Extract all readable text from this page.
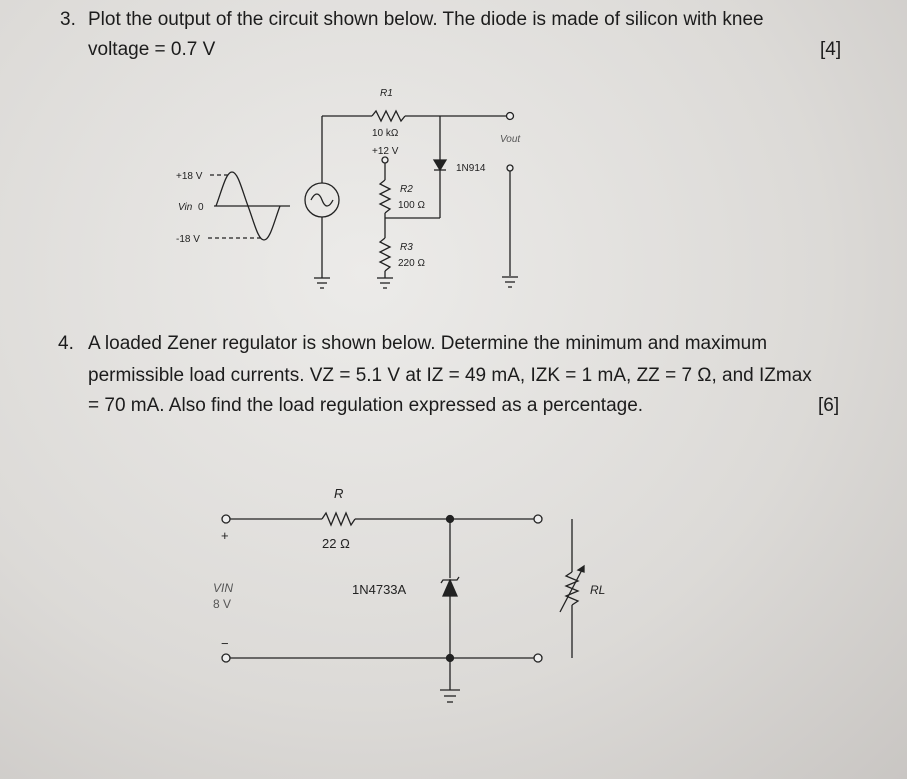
3. Plot the output of the circuit shown below. The diode is made of silicon with knee
voltage = 0.7 V	[4]
4. A loaded Zener regulator is shown below. Determine the minimum and maximum
permissible load currents. VZ = 5.1 V at IZ = 49 mA, IZK = 1 mA, ZZ = 7 Ω, and IZmax
= 70 mA. Also find the load regulation expressed as a percentage.	[6]
+18 V
0
-18 V
Vin
R1
10 kΩ
+12 V
1N914
R2
100 Ω
R3
220 Ω
Vout
R
22 Ω
+
VIN
8 V
−
1N4733A	RL
